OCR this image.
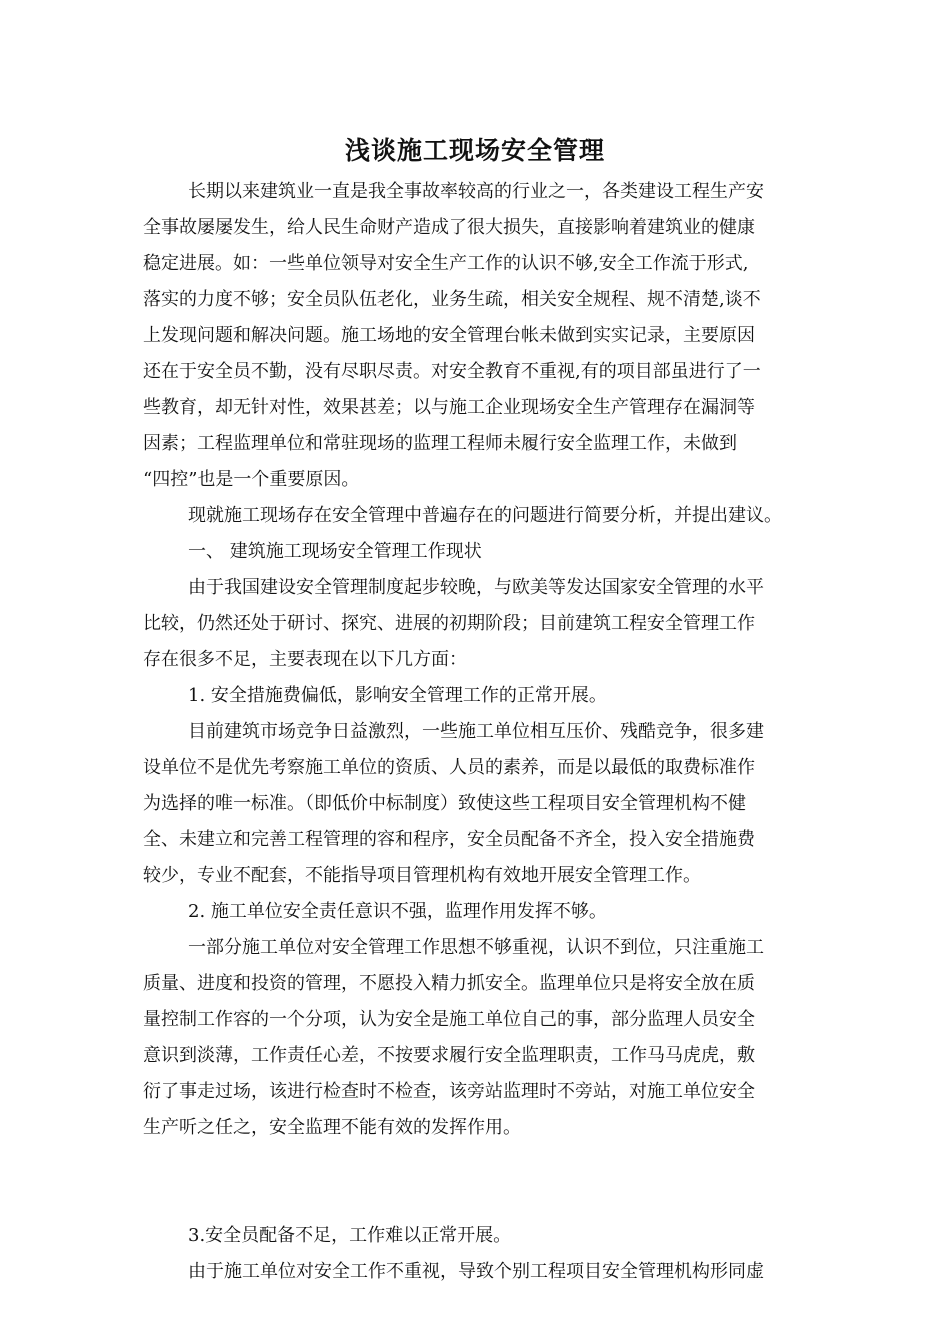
浅谈施工现场安全管理
长期以来建筑业一直是我全事故率较高的行业之一，各类建设工程生产安
全事故屡屡发生，给人民生命财产造成了很大损失，直接影响着建筑业的健康
稳定进展。如：一些单位领导对安全生产工作的认识不够,安全工作流于形式,
落实的力度不够；安全员队伍老化，业务生疏，相关安全规程、规不清楚,谈不
上发现问题和解决问题。施工场地的安全管理台帐未做到实实记录，主要原因
还在于安全员不勤，没有尽职尽责。对安全教育不重视,有的项目部虽进行了一
些教育，却无针对性，效果甚差；以与施工企业现场安全生产管理存在漏洞等
因素；工程监理单位和常驻现场的监理工程师未履行安全监理工作，未做到
“四控”也是一个重要原因。
现就施工现场存在安全管理中普遍存在的问题进行简要分析，并提出建议。
一、 建筑施工现场安全管理工作现状
由于我国建设安全管理制度起步较晚，与欧美等发达国家安全管理的水平
比较，仍然还处于研讨、探究、进展的初期阶段；目前建筑工程安全管理工作
存在很多不足，主要表现在以下几方面：
1. 安全措施费偏低，影响安全管理工作的正常开展。
目前建筑市场竞争日益激烈，一些施工单位相互压价、残酷竞争，很多建
设单位不是优先考察施工单位的资质、人员的素养，而是以最低的取费标准作
为选择的唯一标准。（即低价中标制度）致使这些工程项目安全管理机构不健
全、未建立和完善工程管理的容和程序，安全员配备不齐全，投入安全措施费
较少，专业不配套，不能指导项目管理机构有效地开展安全管理工作。
2. 施工单位安全责任意识不强，监理作用发挥不够。
一部分施工单位对安全管理工作思想不够重视，认识不到位，只注重施工
质量、进度和投资的管理，不愿投入精力抓安全。监理单位只是将安全放在质
量控制工作容的一个分项，认为安全是施工单位自己的事，部分监理人员安全
意识到淡薄，工作责任心差，不按要求履行安全监理职责，工作马马虎虎，敷
衍了事走过场，该进行检查时不检查，该旁站监理时不旁站，对施工单位安全
生产听之任之，安全监理不能有效的发挥作用。
3.安全员配备不足，工作难以正常开展。
由于施工单位对安全工作不重视，导致个别工程项目安全管理机构形同虚
